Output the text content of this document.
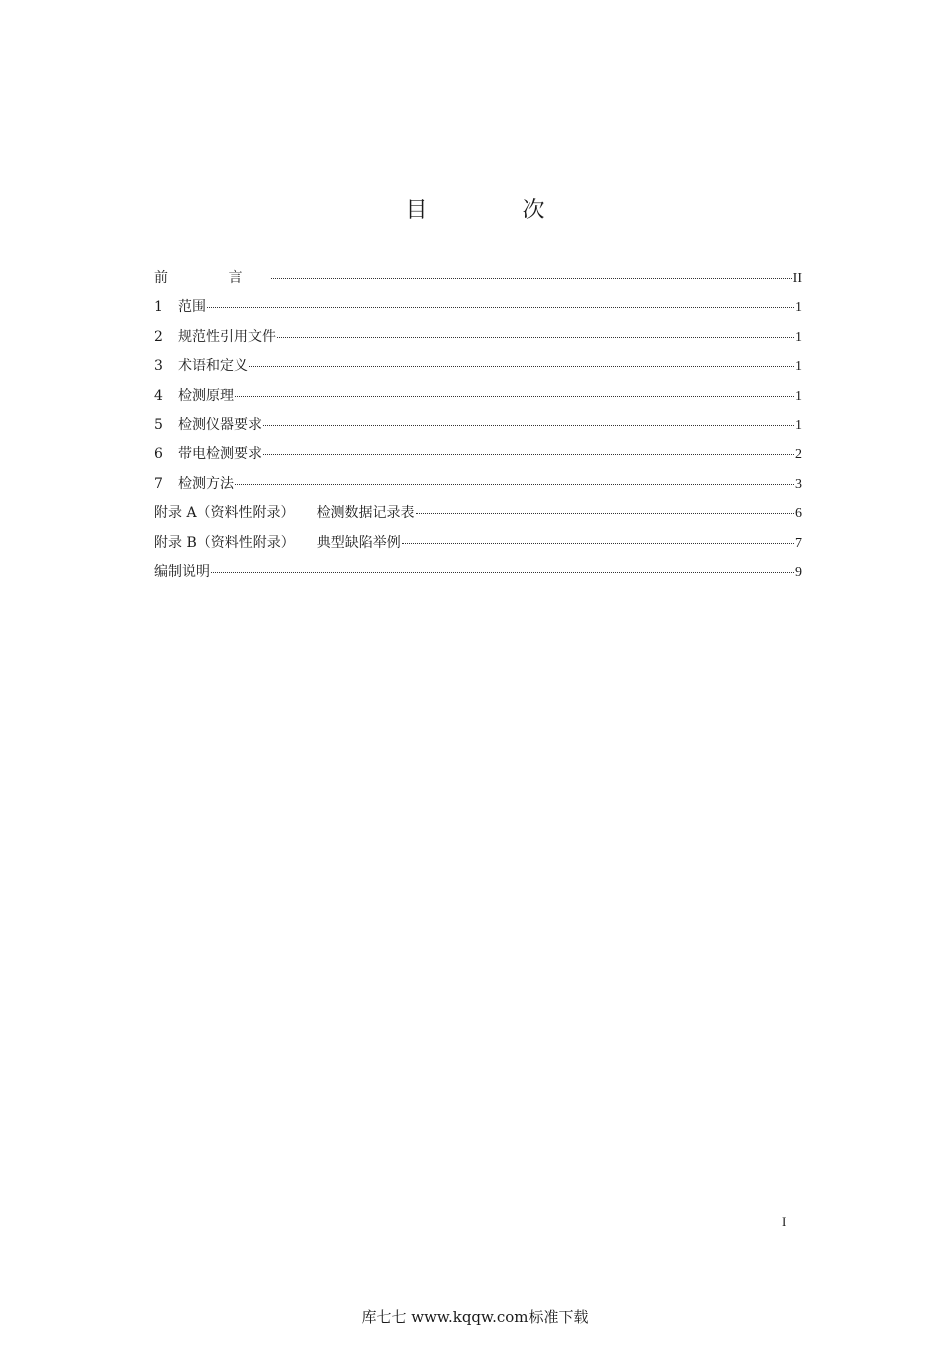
目 次
前 言	II
1	范围	1
2	规范性引用文件	1
3	术语和定义	1
4	检测原理	1
5	检测仪器要求	1
6	带电检测要求	2
7	检测方法	3
附录 A（资料性附录） 检测数据记录表	6
附录 B（资料性附录） 典型缺陷举例	7
编制说明	9
I
库七七 www.kqqw.com标准下载
